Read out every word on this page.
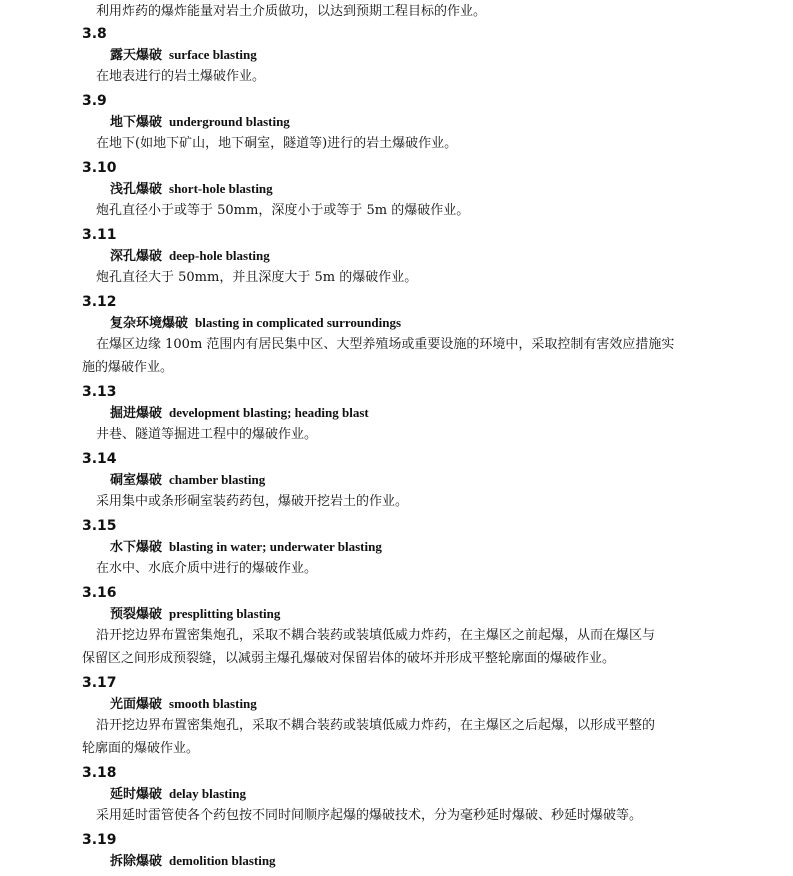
利用炸药的爆炸能量对岩土介质做功，以达到预期工程目标的作业。
3.8
露天爆破 surface blasting
在地表进行的岩土爆破作业。
3.9
地下爆破 underground blasting
在地下(如地下矿山，地下硐室，隧道等)进行的岩土爆破作业。
3.10
浅孔爆破 short-hole blasting
炮孔直径小于或等于 50mm，深度小于或等于 5m 的爆破作业。
3.11
深孔爆破 deep-hole blasting
炮孔直径大于 50mm，并且深度大于 5m 的爆破作业。
3.12
复杂环境爆破 blasting in complicated surroundings
在爆区边缘 100m 范围内有居民集中区、大型养殖场或重要设施的环境中，采取控制有害效应措施实
施的爆破作业。
3.13
掘进爆破 development blasting; heading blast
井巷、隧道等掘进工程中的爆破作业。
3.14
硐室爆破 chamber blasting
采用集中或条形硐室装药药包，爆破开挖岩土的作业。
3.15
水下爆破 blasting in water; underwater blasting
在水中、水底介质中进行的爆破作业。
3.16
预裂爆破 presplitting blasting
沿开挖边界布置密集炮孔，采取不耦合装药或装填低威力炸药，在主爆区之前起爆，从而在爆区与
保留区之间形成预裂缝，以减弱主爆孔爆破对保留岩体的破坏并形成平整轮廓面的爆破作业。
3.17
光面爆破 smooth blasting
沿开挖边界布置密集炮孔，采取不耦合装药或装填低威力炸药，在主爆区之后起爆，以形成平整的
轮廓面的爆破作业。
3.18
延时爆破 delay blasting
采用延时雷管使各个药包按不同时间顺序起爆的爆破技术，分为毫秒延时爆破、秒延时爆破等。
3.19
拆除爆破 demolition blasting
